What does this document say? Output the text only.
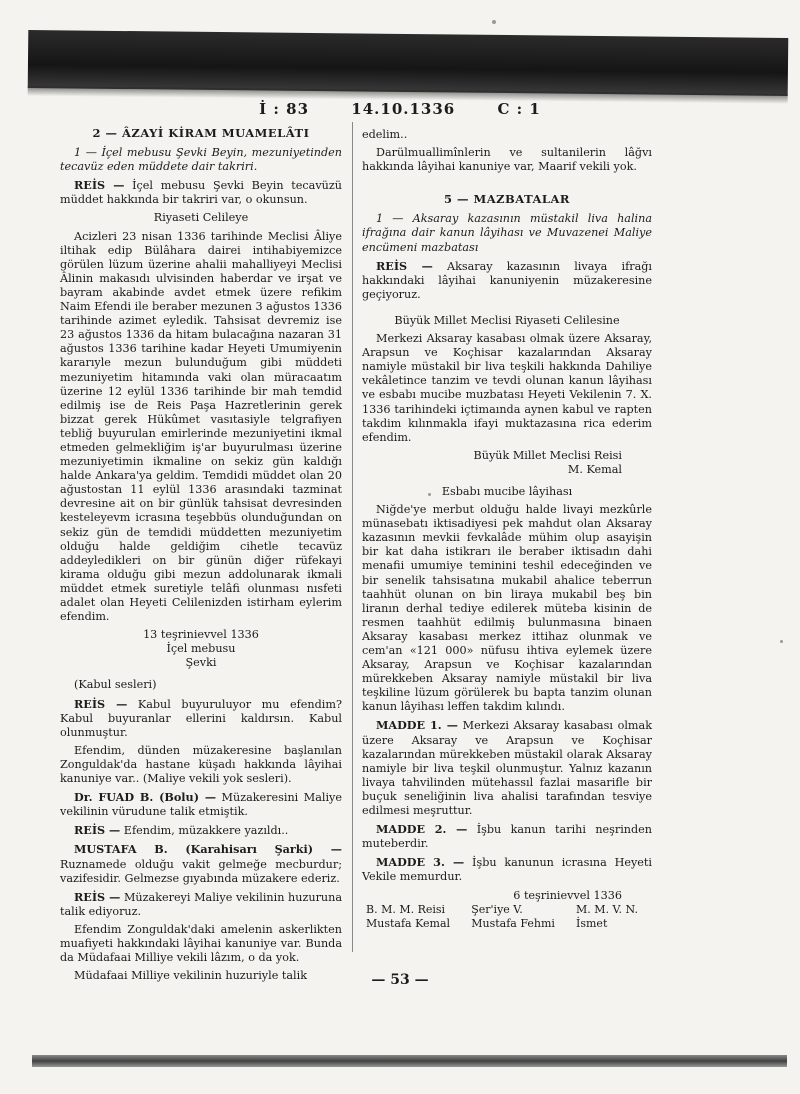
İ : 83	14.10.1336	C : 1
2 — ÂZAYİ KİRAM MUAMELÂTI

1 — İçel mebusu Şevki Beyin, mezuniyetinden tecavüz eden müddete dair takriri.

REİS — İçel mebusu Şevki Beyin tecavüzü müddet hakkında bir takriri var, o okunsun.

Riyaseti Celileye

Acizleri 23 nisan 1336 tarihinde Meclisi Âliye iltihak edip Bülâhara dairei intihabiyemizce görülen lüzum üzerine ahalii mahalliyeyi Meclisi Âlinin makasıdı ulvisinden haberdar ve irşat ve bayram akabinde avdet etmek üzere refikim Naim Efendi ile beraber mezunen 3 ağustos 1336 tarihinde azimet eyledik. Tahsisat devremiz ise 23 ağustos 1336 da hitam bulacağına nazaran 31 ağustos 1336 tarihine kadar Heyeti Umumiyenin kararıyle mezun bulunduğum gibi müddeti mezuniyetim hitamında vaki olan müracaatım üzerine 12 eylül 1336 tarihinde bir mah temdid edilmiş ise de Reis Paşa Hazretlerinin gerek bizzat gerek Hükûmet vasıtasiyle telgrafiyen tebliğ buyurulan emirlerinde mezuniyetini ikmal etmeden gelmekliğim iş'ar buyurulması üzerine mezuniyetimin ikmaline on sekiz gün kaldığı halde Ankara'ya geldim. Temdidi müddet olan 20 ağustostan 11 eylül 1336 arasındaki tazminat devresine ait on bir günlük tahsisat devresinden kesteleyevm icrasına teşebbüs olunduğundan on sekiz gün de temdidi müddetten mezuniyetim olduğu halde geldiğim cihetle tecavüz addeyledikleri on bir günün diğer rüfekayi kirama olduğu gibi mezun addolunarak ikmali müddet etmek suretiyle telâfi olunması nısfeti adalet olan Heyeti Celilenizden istirham eylerim efendim.

13 teşrinievvel 1336

İçel mebusu

Şevki

(Kabul sesleri)

REİS — Kabul buyuruluyor mu efendim? Kabul buyuranlar ellerini kaldırsın. Kabul olunmuştur.

Efendim, dünden müzakeresine başlanılan Zonguldak'da hastane küşadı hakkında lâyihai kanuniye var.. (Maliye vekili yok sesleri).

Dr. FUAD B. (Bolu) — Müzakeresini Maliye vekilinin vürudune talik etmiştik.

REİS — Efendim, müzakkere yazıldı..

MUSTAFA B. (Karahisarı Şarki) — Ruznamede olduğu vakit gelmeğe mecburdur; vazifesidir. Gelmezse gıyabında müzakere ederiz.

REİS — Müzakereyi Maliye vekilinin huzuruna talik ediyoruz.

Efendim Zonguldak'daki amelenin askerlikten muafiyeti hakkındaki lâyihai kanuniye var. Bunda da Müdafaai Milliye vekili lâzım, o da yok.

Müdafaai Milliye vekilinin huzuriyle talik

edelim..

Darülmuallimînlerin ve sultanilerin lâğvı hakkında lâyihai kanuniye var, Maarif vekili yok.

5 — MAZBATALAR

1 — Aksaray kazasının müstakil liva halina ifrağına dair kanun lâyihası ve Muvazenei Maliye encümeni mazbatası

REİS — Aksaray kazasının livaya ifrağı hakkındaki lâyihai kanuniyenin müzakeresine geçiyoruz.

Büyük Millet Meclisi Riyaseti Celilesine

Merkezi Aksaray kasabası olmak üzere Aksaray, Arapsun ve Koçhisar kazalarından Aksaray namiyle müstakil bir liva teşkili hakkında Dahiliye vekâletince tanzim ve tevdi olunan kanun lâyihası ve esbabı mucibe muzbatası Heyeti Vekilenin 7. X. 1336 tarihindeki içtimaında aynen kabul ve rapten takdim kılınmakla ifayi muktazasına rica ederim efendim.

Büyük Millet Meclisi Reisi

M. Kemal

Esbabı mucibe lâyihası

Niğde'ye merbut olduğu halde livayi mezkûrle münasebatı iktisadiyesi pek mahdut olan Aksaray kazasının mevkii fevkalâde mühim olup asayişin bir kat daha istikrarı ile beraber iktisadın dahi menafii umumiye teminini teshil edeceğinden ve bir senelik tahsisatına mukabil ahalice teberrun taahhüt olunan on bin liraya mukabil beş bin liranın derhal tediye edilerek müteba kisinin de resmen taahhüt edilmiş bulunmasına binaen Aksaray kasabası merkez ittihaz olunmak ve cem'an «121 000» nüfusu ihtiva eylemek üzere Aksaray, Arapsun ve Koçhisar kazalarından mürekkeben Aksaray namiyle müstakil bir liva teşkiline lüzum görülerek bu bapta tanzim olunan kanun lâyihası leffen takdim kılındı.

MADDE 1. — Merkezi Aksaray kasabası olmak üzere Aksaray ve Arapsun ve Koçhisar kazalarından mürekkeben müstakil olarak Aksaray namiyle bir liva teşkil olunmuştur. Yalnız kazanın livaya tahvilinden mütehassıl fazlai masarifle bir buçuk seneliğinin liva ahalisi tarafından tesviye edilmesi meşruttur.

MADDE 2. — İşbu kanun tarihi neşrinden muteberdir.

MADDE 3. — İşbu kanunun icrasına Heyeti Vekile memurdur.

6 teşrinievvel 1336

B. M. M. Reisi	Şer'iye V.	M. M. V. N.
Mustafa Kemal	Mustafa Fehmi	İsmet
— 53 —
